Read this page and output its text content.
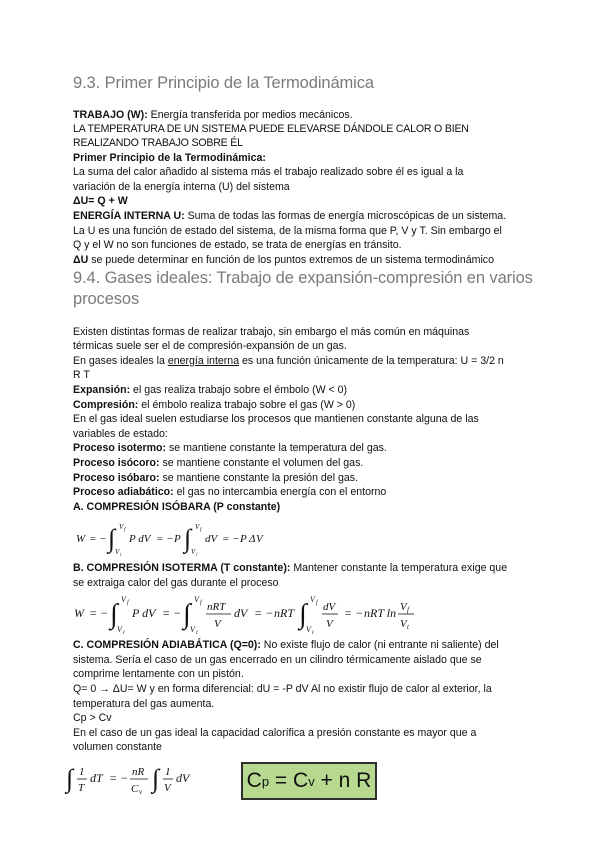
9.3. Primer Principio de la Termodinámica

TRABAJO (W): Energía transferida por medios mecánicos.

LA TEMPERATURA DE UN SISTEMA PUEDE ELEVARSE DÁNDOLE CALOR O BIEN

REALIZANDO TRABAJO SOBRE ÉL

Primer Principio de la Termodinámica:

La suma del calor añadido al sistema más el trabajo realizado sobre él es igual a la

variación de la energía interna (U) del sistema

ΔU= Q + W

ENERGÍA INTERNA U: Suma de todas las formas de energía microscópicas de un sistema.

La U es una función de estado del sistema, de la misma forma que P, V y T. Sin embargo el

Q y el W no son funciones de estado, se trata de energías en tránsito.

ΔU se puede determinar en función de los puntos extremos de un sistema termodinámico

9.4. Gases ideales: Trabajo de expansión-compresión en varios
procesos

Existen distintas formas de realizar trabajo, sin embargo el más común en máquinas

térmicas suele ser el de compresión-expansión de un gas.

En gases ideales la energía interna es una función únicamente de la temperatura: U = 3/2 n

R T

Expansión: el gas realiza trabajo sobre el émbolo (W < 0)

Compresión: el émbolo realiza trabajo sobre el gas (W > 0)

En el gas ideal suelen estudiarse los procesos que mantienen constante alguna de las

variables de estado:

Proceso isotermo: se mantiene constante la temperatura del gas.

Proceso isócoro: se mantiene constante el volumen del gas.

Proceso isóbaro: se mantiene constante la presión del gas.

Proceso adiabático: el gas no intercambia energía con el entorno

A. COMPRESIÓN ISÓBARA (P constante)

W = − ∫ V f
V i
P dV = − P ∫ V f
V i
dV = − P Δ V

B. COMPRESIÓN ISOTERMA (T constante): Mantener constante la temperatura exige que

se extraiga calor del gas durante el proceso

W = − ∫ V f
V i
P dV = − ∫ V f
V i
nRT
V
dV = − nRT ∫ V f
V i
dV
V
= − nRT ln V f
V t

C. COMPRESIÓN ADIABÁTICA (Q=0): No existe flujo de calor (ni entrante ni saliente) del

sistema. Sería el caso de un gas encerrado en un cilindro térmicamente aislado que se

comprime lentamente con un pistón.

Q= 0 → ΔU= W y en forma diferencial: dU = -P dV Al no existir flujo de calor al exterior, la

temperatura del gas aumenta.

Cp > Cv

En el caso de un gas ideal la capacidad calorífica a presión constante es mayor que a

volumen constante

∫ 1
T
dT = − nR
C v ∫ 1
V
dV	C p = C v + n R
